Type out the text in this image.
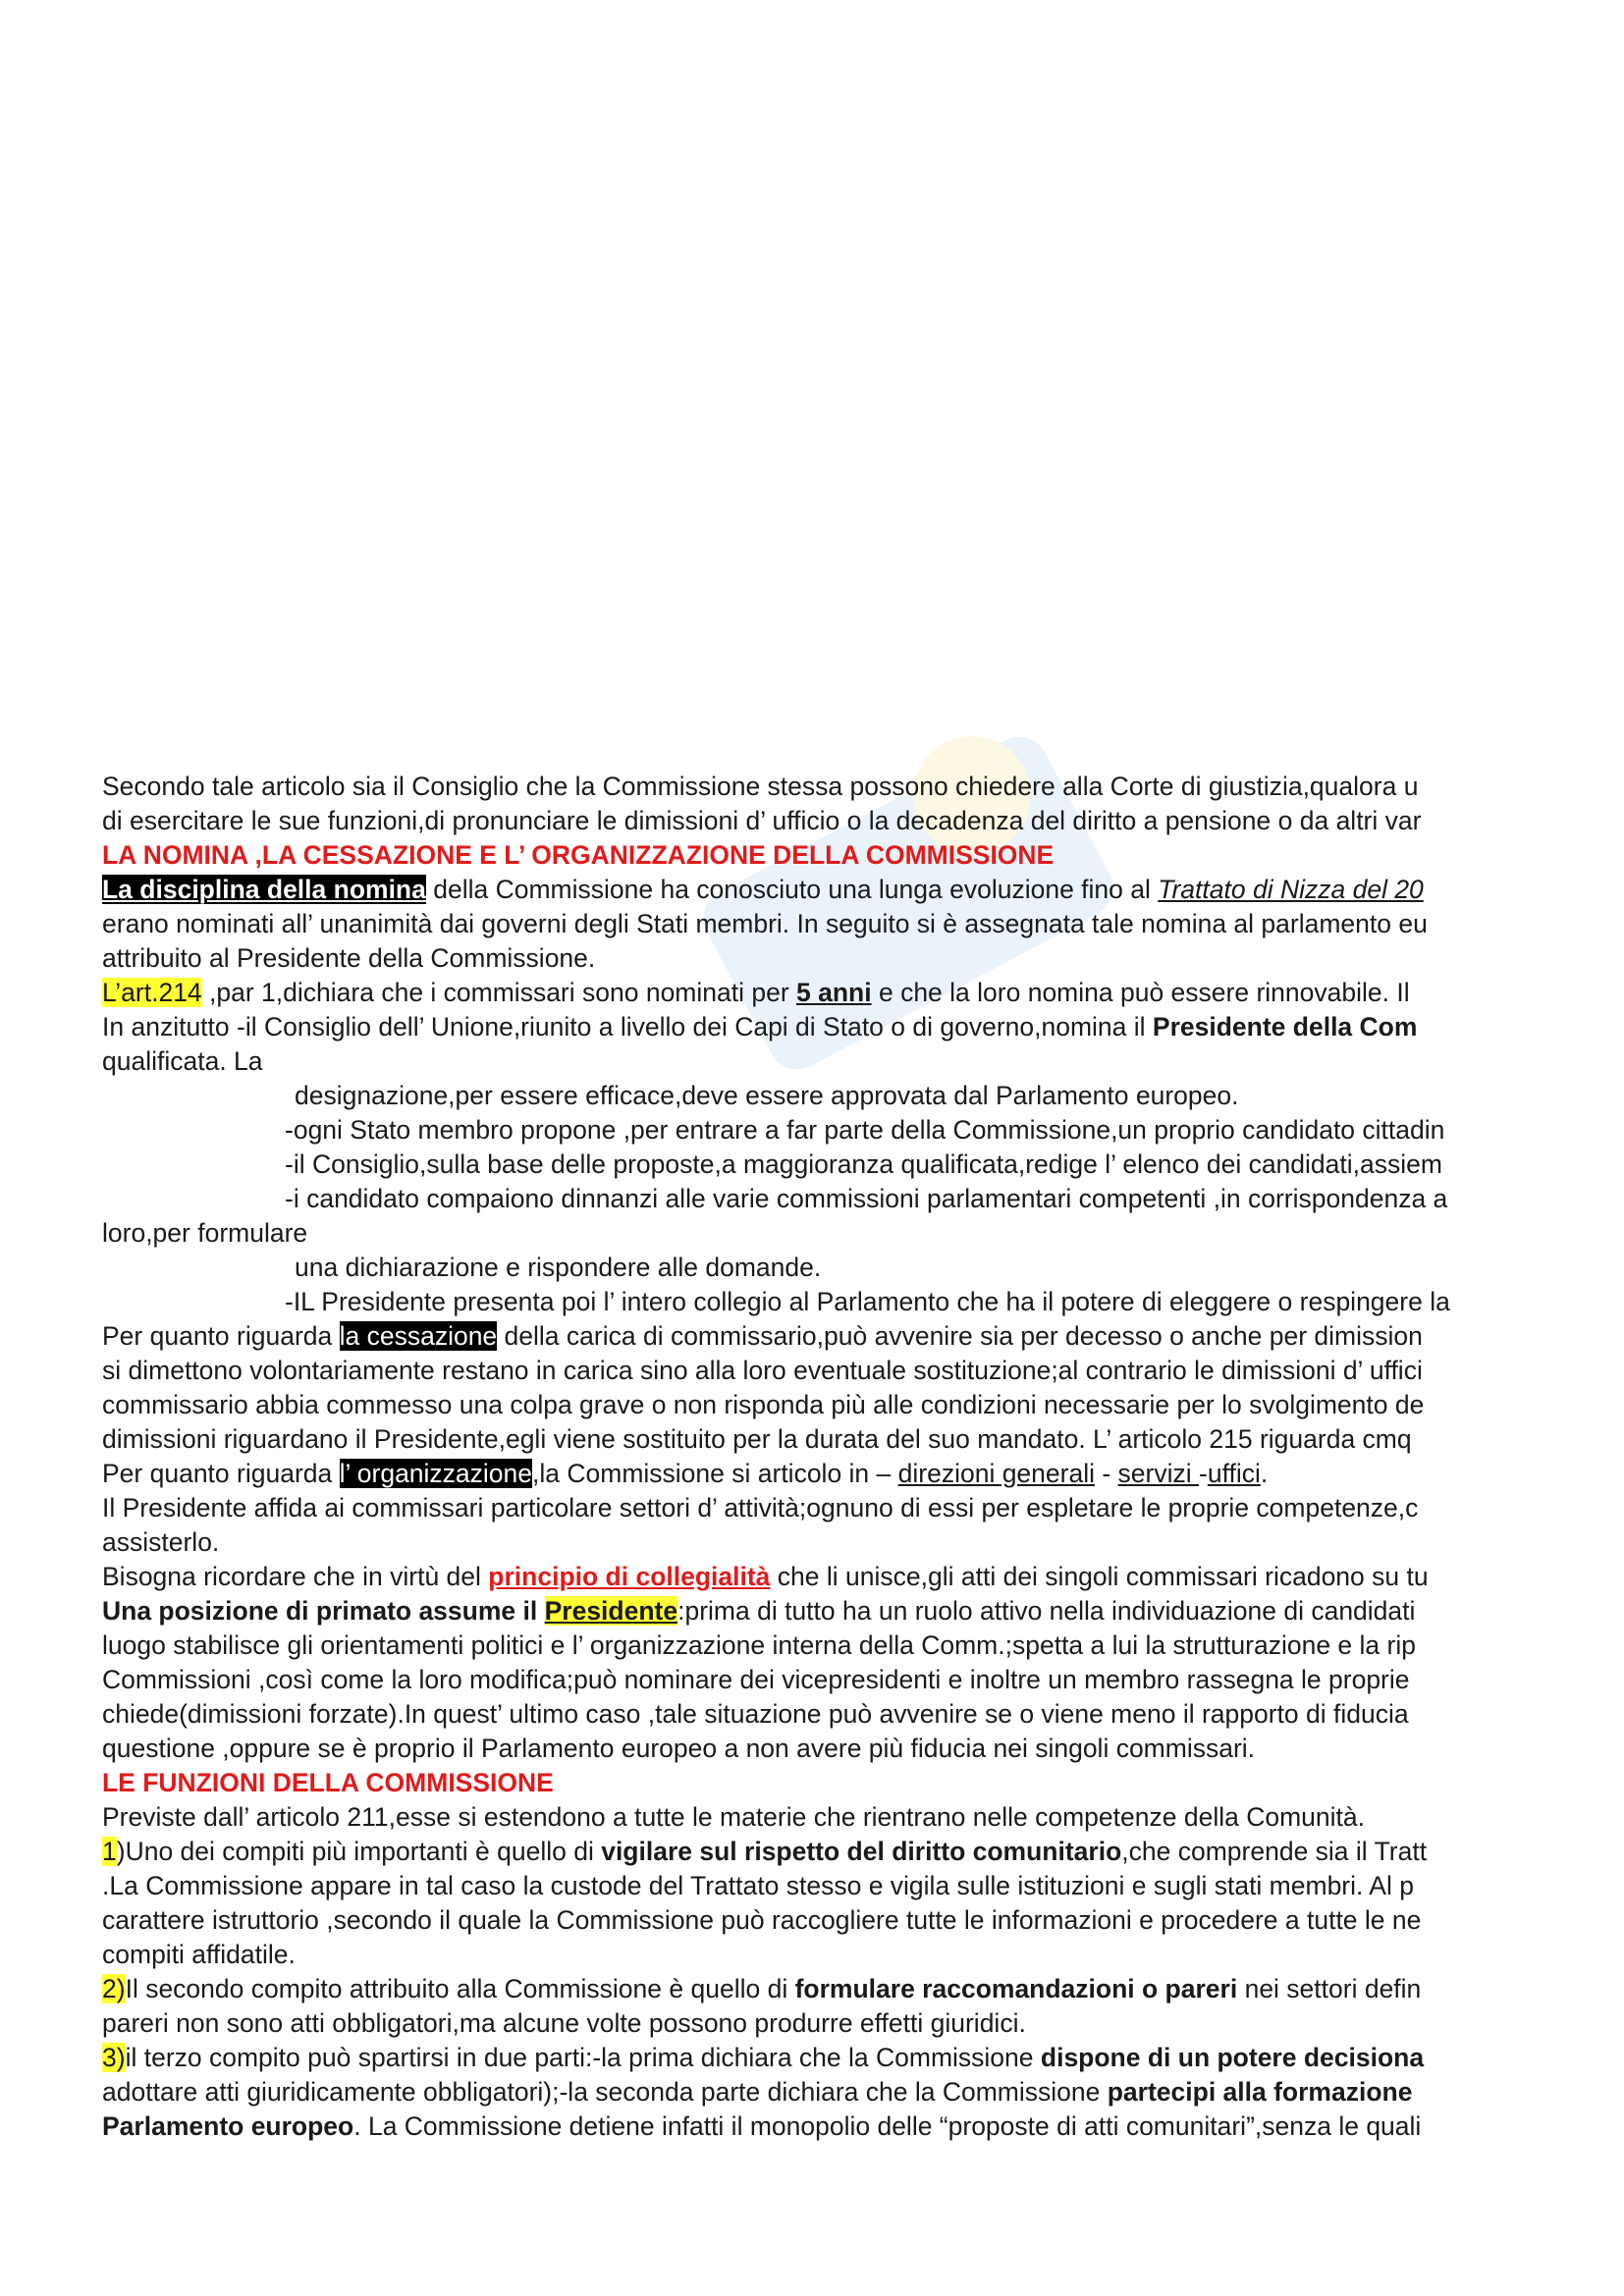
Secondo tale articolo sia il Consiglio che la Commissione stessa possono chiedere alla Corte di giustizia,qualora u
di esercitare le sue funzioni,di pronunciare le dimissioni d’ ufficio o la decadenza del diritto a pensione o da altri var
LA NOMINA ,LA CESSAZIONE E L’ ORGANIZZAZIONE DELLA COMMISSIONE
La disciplina della nomina della Commissione ha conosciuto una lunga evoluzione fino al Trattato di Nizza del 20
erano nominati all’ unanimità dai governi degli Stati membri. In seguito si è assegnata tale nomina al parlamento eu
attribuito al Presidente della Commissione.
L’art.214 ,par 1,dichiara che i commissari sono nominati per 5 anni e che la loro nomina può essere rinnovabile. Il
In anzitutto -il Consiglio dell’ Unione,riunito a livello dei Capi di Stato o di governo,nomina il Presidente della Com
qualificata. La
designazione,per essere efficace,deve essere approvata dal Parlamento europeo.
-ogni Stato membro propone ,per entrare a far parte della Commissione,un proprio candidato cittadin
-il Consiglio,sulla base delle proposte,a maggioranza qualificata,redige l’ elenco dei candidati,assiem
-i candidato compaiono dinnanzi alle varie commissioni parlamentari competenti ,in corrispondenza a
loro,per formulare
una dichiarazione e rispondere alle domande.
-IL Presidente presenta poi l’ intero collegio al Parlamento che ha il potere di eleggere o respingere la
Per quanto riguarda la cessazione della carica di commissario,può avvenire sia per decesso o anche per dimission
si dimettono volontariamente restano in carica sino alla loro eventuale sostituzione;al contrario le dimissioni d’ uffici
commissario abbia commesso una colpa grave o non risponda più alle condizioni necessarie per lo svolgimento de
dimissioni riguardano il Presidente,egli viene sostituito per la durata del suo mandato. L’ articolo 215 riguarda cmq
Per quanto riguarda l’ organizzazione,la Commissione si articolo in – direzioni generali - servizi -uffici.
Il Presidente affida ai commissari particolare settori d’ attività;ognuno di essi per espletare le proprie competenze,c
assisterlo.
Bisogna ricordare che in virtù del principio di collegialità che li unisce,gli atti dei singoli commissari ricadono su tu
Una posizione di primato assume il Presidente:prima di tutto ha un ruolo attivo nella individuazione di candidati
luogo stabilisce gli orientamenti politici e l’ organizzazione interna della Comm.;spetta a lui la strutturazione e la rip
Commissioni ,così come la loro modifica;può nominare dei vicepresidenti e inoltre un membro rassegna le proprie
chiede(dimissioni forzate).In quest’ ultimo caso ,tale situazione può avvenire se o viene meno il rapporto di fiducia
questione ,oppure se è proprio il Parlamento europeo a non avere più fiducia nei singoli commissari.
LE FUNZIONI DELLA COMMISSIONE
Previste dall’ articolo 211,esse si estendono a tutte le materie che rientrano nelle competenze della Comunità.
1)Uno dei compiti più importanti è quello di vigilare sul rispetto del diritto comunitario,che comprende sia il Tratt
.La Commissione appare in tal caso la custode del Trattato stesso e vigila sulle istituzioni e sugli stati membri. Al p
carattere istruttorio ,secondo il quale la Commissione può raccogliere tutte le informazioni e procedere a tutte le ne
compiti affidatile.
2)Il secondo compito attribuito alla Commissione è quello di formulare raccomandazioni o pareri nei settori defin
pareri non sono atti obbligatori,ma alcune volte possono produrre effetti giuridici.
3)il terzo compito può spartirsi in due parti:-la prima dichiara che la Commissione dispone di un potere decisiona
adottare atti giuridicamente obbligatori);-la seconda parte dichiara che la Commissione partecipi alla formazione
Parlamento europeo. La Commissione detiene infatti il monopolio delle “proposte di atti comunitari”,senza le quali
